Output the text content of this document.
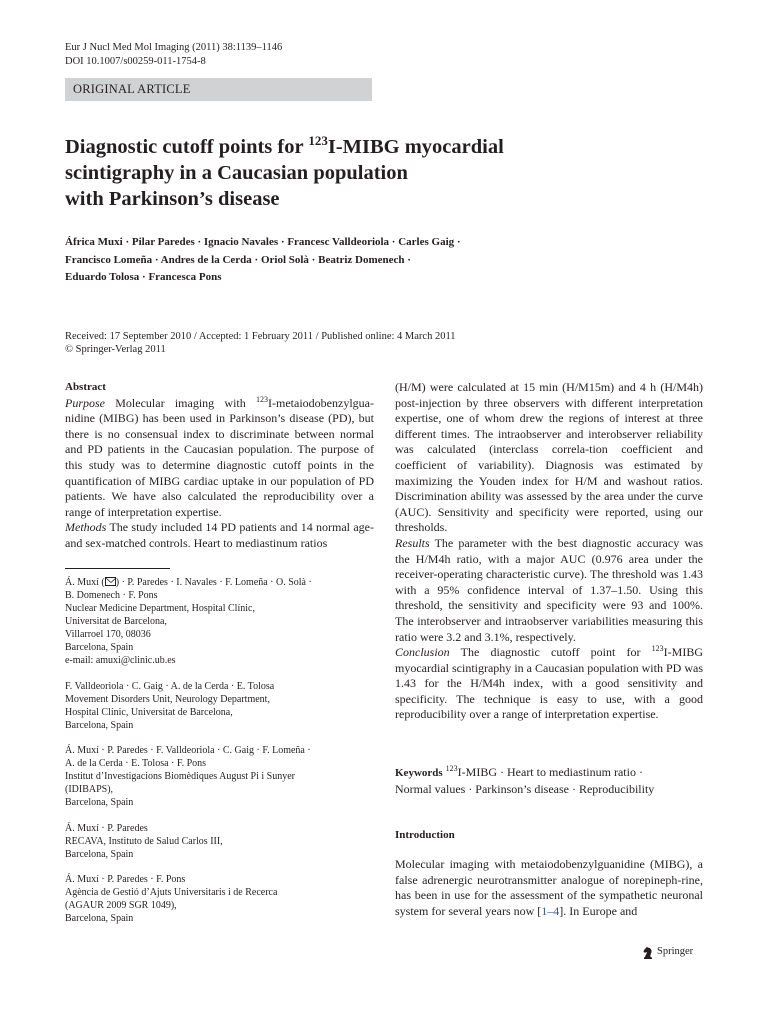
Eur J Nucl Med Mol Imaging (2011) 38:1139–1146
DOI 10.1007/s00259-011-1754-8
ORIGINAL ARTICLE
Diagnostic cutoff points for $^{123}$I-MIBG myocardial
scintigraphy in a Caucasian population
with Parkinson’s disease
África Muxi · Pilar Paredes · Ignacio Navales · Francesc Valldeoriola · Carles Gaig ·
Francisco Lomeña · Andres de la Cerda · Oriol Solà · Beatriz Domenech ·
Eduardo Tolosa · Francesca Pons
Received: 17 September 2010 / Accepted: 1 February 2011 / Published online: 4 March 2011
© Springer-Verlag 2011

Abstract

Purpose Molecular imaging with $^{123}$I-metaiodobenzylgua-nidine (MIBG) has been used in Parkinson’s disease (PD), but there is no consensual index to discriminate between normal and PD patients in the Caucasian population. The purpose of this study was to determine diagnostic cutoff points in the quantification of MIBG cardiac uptake in our population of PD patients. We have also calculated the reproducibility over a range of interpretation expertise.

Methods The study included 14 PD patients and 14 normal age- and sex-matched controls. Heart to mediastinum ratios

Á. Muxí ( ) · P. Paredes · I. Navales · F. Lomeña · O. Solà ·

B. Domenech · F. Pons

Nuclear Medicine Department, Hospital Clínic,

Universitat de Barcelona,

Villarroel 170, 08036

Barcelona, Spain

e-mail: amuxi@clinic.ub.es

F. Valldeoriola · C. Gaig · A. de la Cerda · E. Tolosa

Movement Disorders Unit, Neurology Department,

Hospital Clínic, Universitat de Barcelona,

Barcelona, Spain

Á. Muxí · P. Paredes · F. Valldeoriola · C. Gaig · F. Lomeña ·

A. de la Cerda · E. Tolosa · F. Pons

Institut d’Investigacions Biomèdiques August Pi i Sunyer

(IDIBAPS),

Barcelona, Spain

Á. Muxí · P. Paredes

RECAVA, Instituto de Salud Carlos III,

Barcelona, Spain

Á. Muxí · P. Paredes · F. Pons

Agència de Gestió d’Ajuts Universitaris i de Recerca

(AGAUR 2009 SGR 1049),

Barcelona, Spain

(H/M) were calculated at 15 min (H/M15m) and 4 h (H/M4h) post-injection by three observers with different interpretation expertise, one of whom drew the regions of interest at three different times. The intraobserver and interobserver reliability was calculated (interclass correla-tion coefficient and coefficient of variability). Diagnosis was estimated by maximizing the Youden index for H/M and washout ratios. Discrimination ability was assessed by the area under the curve (AUC). Sensitivity and specificity were reported, using our thresholds.

Results The parameter with the best diagnostic accuracy was the H/M4h ratio, with a major AUC (0.976 area under the receiver-operating characteristic curve). The threshold was 1.43 with a 95% confidence interval of 1.37–1.50. Using this threshold, the sensitivity and specificity were 93 and 100%. The interobserver and intraobserver variabilities measuring this ratio were 3.2 and 3.1%, respectively.

Conclusion The diagnostic cutoff point for $^{123}$I-MIBG myocardial scintigraphy in a Caucasian population with PD was 1.43 for the H/M4h index, with a good sensitivity and specificity. The technique is easy to use, with a good reproducibility over a range of interpretation expertise.

Keywords $^{123}$I-MIBG · Heart to mediastinum ratio ·
Normal values · Parkinson’s disease · Reproducibility
Introduction

Molecular imaging with metaiodobenzylguanidine (MIBG), a false adrenergic neurotransmitter analogue of norepineph-rine, has been in use for the assessment of the sympathetic neuronal system for several years now [1–4]. In Europe and

Springer
